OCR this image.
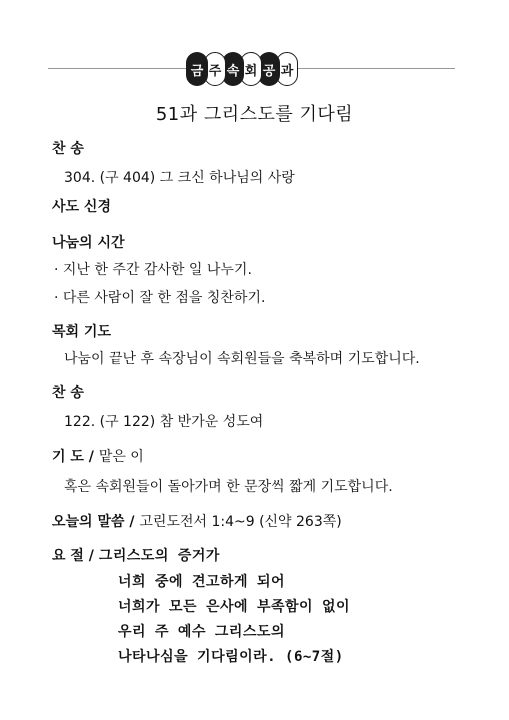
금 주 속 회 공 과
51과 그리스도를 기다림
찬 송
304. (구 404) 그 크신 하나님의 사랑
사도 신경
나눔의 시간
· 지난 한 주간 감사한 일 나누기.
· 다른 사람이 잘 한 점을 칭찬하기.
목회 기도
나눔이 끝난 후 속장님이 속회원들을 축복하며 기도합니다.
찬 송
122. (구 122) 참 반가운 성도여
기 도 / 맡은 이
혹은 속회원들이 돌아가며 한 문장씩 짧게 기도합니다.
오늘의 말씀 / 고린도전서 1:4~9 (신약 263쪽)
요 절 / 그리스도의 증거가
너희 중에 견고하게 되어
너희가 모든 은사에 부족함이 없이
우리 주 예수 그리스도의
나타나심을 기다림이라. (6~7절)
